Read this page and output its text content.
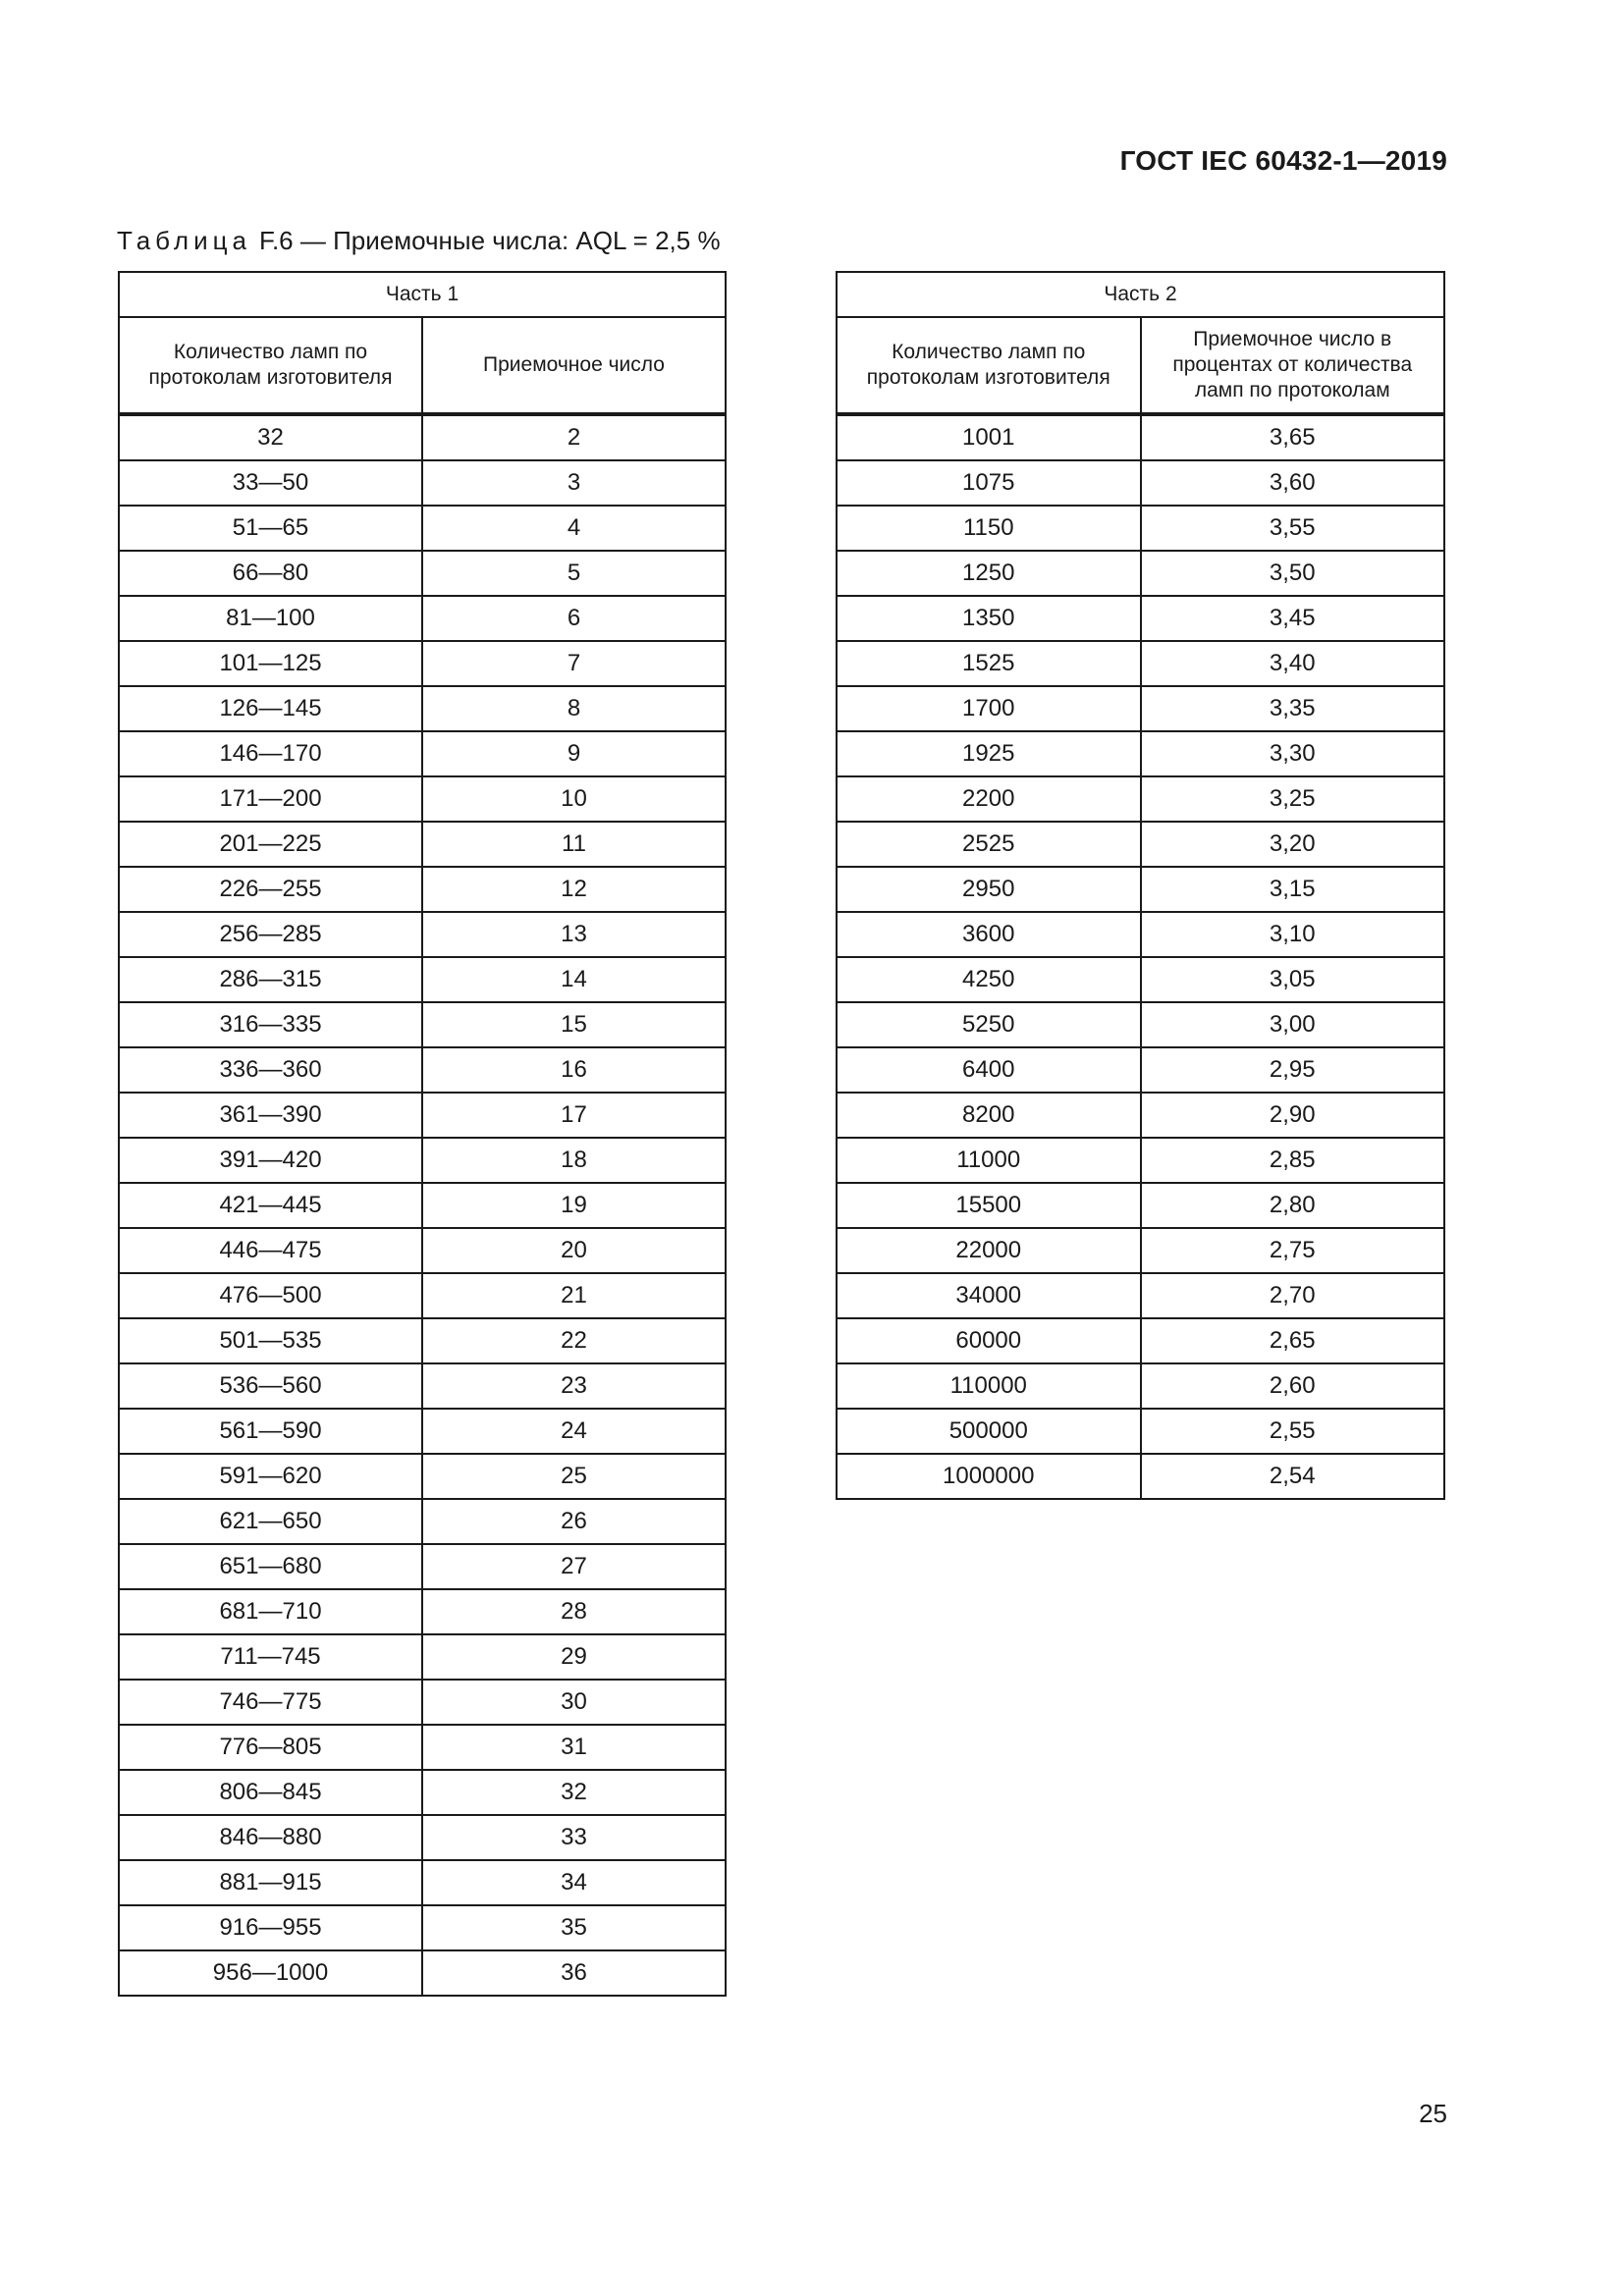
ГОСТ IEC 60432-1—2019
Таблица F.6 — Приемочные числа: AQL = 2,5 %
Часть 1	
Количество ламп по протоколам изготовителя	Приемочное число
32	2
33—50	3
51—65	4
66—80	5
81—100	6
101—125	7
126—145	8
146—170	9
171—200	10
201—225	11
226—255	12
256—285	13
286—315	14
316—335	15
336—360	16
361—390	17
391—420	18
421—445	19
446—475	20
476—500	21
501—535	22
536—560	23
561—590	24
591—620	25
621—650	26
651—680	27
681—710	28
711—745	29
746—775	30
776—805	31
806—845	32
846—880	33
881—915	34
916—955	35
956—1000	36
Часть 2	
Количество ламп по протоколам изготовителя	Приемочное число в процентах от количества ламп по протоколам
1001	3,65
1075	3,60
1150	3,55
1250	3,50
1350	3,45
1525	3,40
1700	3,35
1925	3,30
2200	3,25
2525	3,20
2950	3,15
3600	3,10
4250	3,05
5250	3,00
6400	2,95
8200	2,90
11000	2,85
15500	2,80
22000	2,75
34000	2,70
60000	2,65
110000	2,60
500000	2,55
1000000	2,54
25
